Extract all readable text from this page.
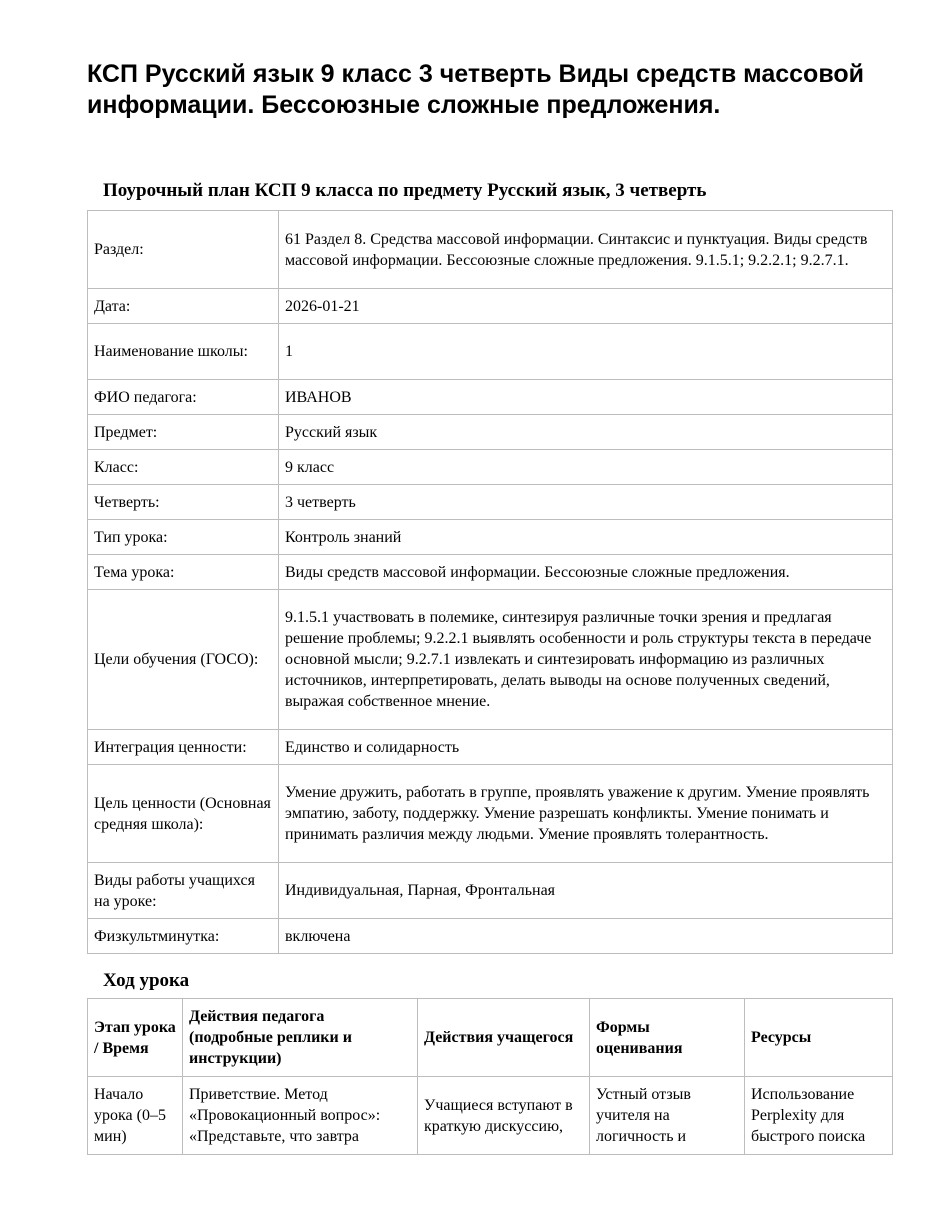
КСП Русский язык 9 класс 3 четверть Виды средств массовой информации. Бессоюзные сложные предложения.
Поурочный план КСП 9 класса по предмету Русский язык, 3 четверть
Раздел:	61 Раздел 8. Средства массовой информации. Синтаксис и пунктуация. Виды средств массовой информации. Бессоюзные сложные предложения. 9.1.5.1; 9.2.2.1; 9.2.7.1.
Дата:	2026-01-21
Наименование школы:	1
ФИО педагога:	ИВАНОВ
Предмет:	Русский язык
Класс:	9 класс
Четверть:	3 четверть
Тип урока:	Контроль знаний
Тема урока:	Виды средств массовой информации. Бессоюзные сложные предложения.
Цели обучения (ГОСО):	9.1.5.1 участвовать в полемике, синтезируя различные точки зрения и предлагая решение проблемы; 9.2.2.1 выявлять особенности и роль структуры текста в передаче основной мысли; 9.2.7.1 извлекать и синтезировать информацию из различных источников, интерпретировать, делать выводы на основе полученных сведений, выражая собственное мнение.
Интеграция ценности:	Единство и солидарность
Цель ценности (Основная средняя школа):	Умение дружить, работать в группе, проявлять уважение к другим. Умение проявлять эмпатию, заботу, поддержку. Умение разрешать конфликты. Умение понимать и принимать различия между людьми. Умение проявлять толерантность.
Виды работы учащихся на уроке:	Индивидуальная, Парная, Фронтальная
Физкультминутка:	включена
Ход урока
Этап урока / Время	Действия педагога (подробные реплики и инструкции)	Действия учащегося	Формы оценивания	Ресурсы
Начало урока (0–5 мин)	Приветствие. Метод «Провокационный вопрос»: «Представьте, что завтра	Учащиеся вступают в краткую дискуссию,	Устный отзыв учителя на логичность и	Использование Perplexity для быстрого поиска
